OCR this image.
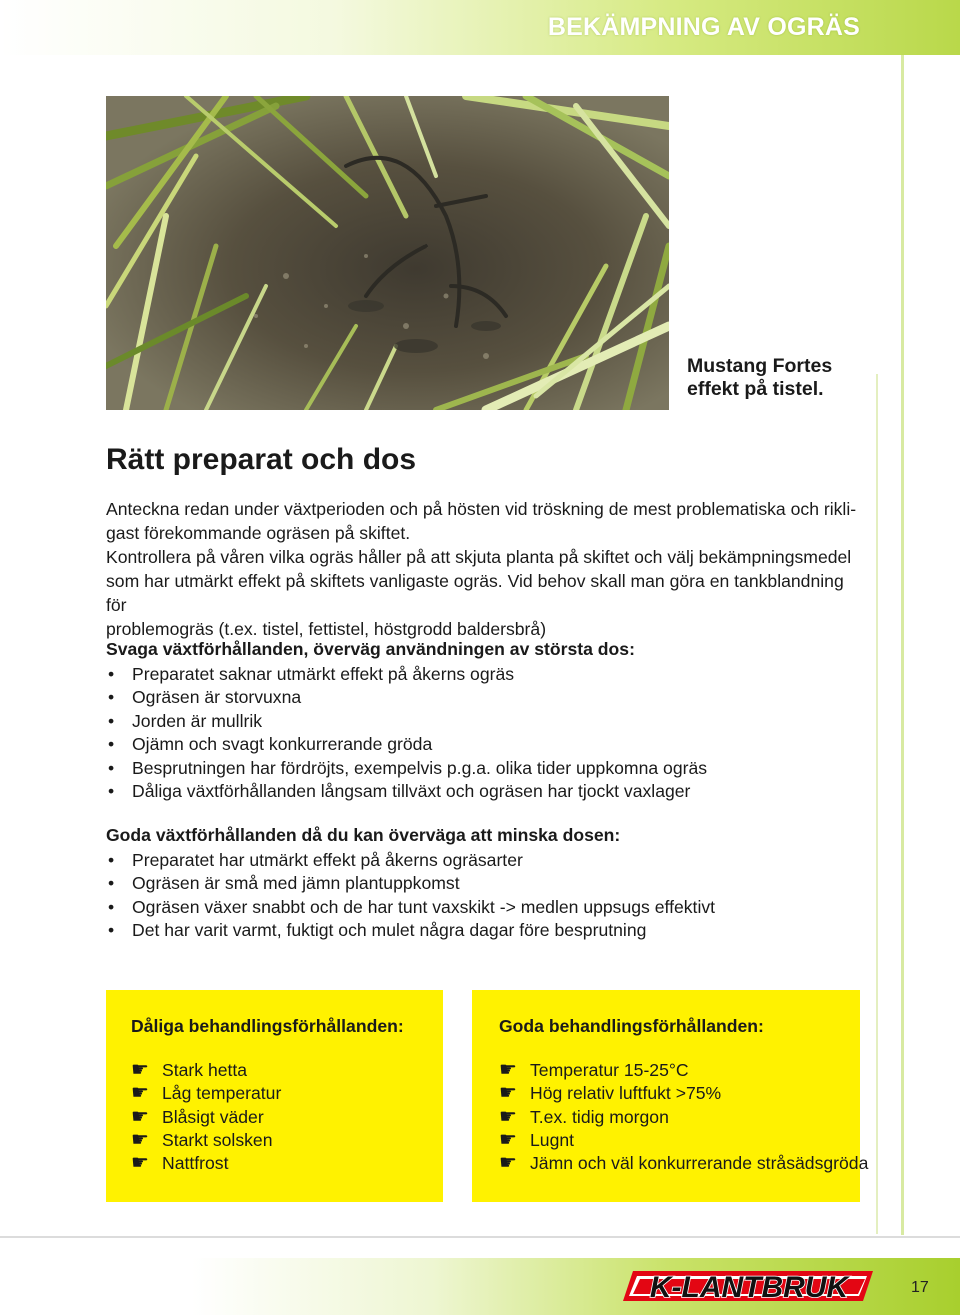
BEKÄMPNING AV OGRÄS
Mustang Fortes
effekt på tistel.
Rätt preparat och dos

Anteckna redan under växtperioden och på hösten vid tröskning de mest problematiska och rikli-

gast förekommande ogräsen på skiftet.

Kontrollera på våren vilka ogräs håller på att skjuta planta på skiftet och välj bekämpningsmedel

som har utmärkt effekt på skiftets vanligaste ogräs. Vid behov skall man göra en tankblandning för

problemogräs (t.ex. tistel, fettistel, höstgrodd baldersbrå)

Svaga växtförhållanden, överväg användningen av största dos:
• Preparatet saknar utmärkt effekt på åkerns ogräs
• Ogräsen är storvuxna
• Jorden är mullrik
• Ojämn och svagt konkurrerande gröda
• Besprutningen har fördröjts, exempelvis p.g.a. olika tider uppkomna ogräs
• Dåliga växtförhållanden långsam tillväxt och ogräsen har tjockt vaxlager
Goda växtförhållanden då du kan överväga att minska dosen:
• Preparatet har utmärkt effekt på åkerns ogräsarter
• Ogräsen är små med jämn plantuppkomst
• Ogräsen växer snabbt och de har tunt vaxskikt -> medlen uppsugs effektivt
• Det har varit varmt, fuktigt och mulet några dagar före besprutning
Dåliga behandlingsförhållanden:
☛ Stark hetta
☛ Låg temperatur
☛ Blåsigt väder
☛ Starkt solsken
☛ Nattfrost
Goda behandlingsförhållanden:
☛ Temperatur 15-25°C
☛ Hög relativ luftfukt >75%
☛ T.ex. tidig morgon
☛ Lugnt
☛ Jämn och väl konkurrerande stråsädsgröda
K-LANTBRUK	17
